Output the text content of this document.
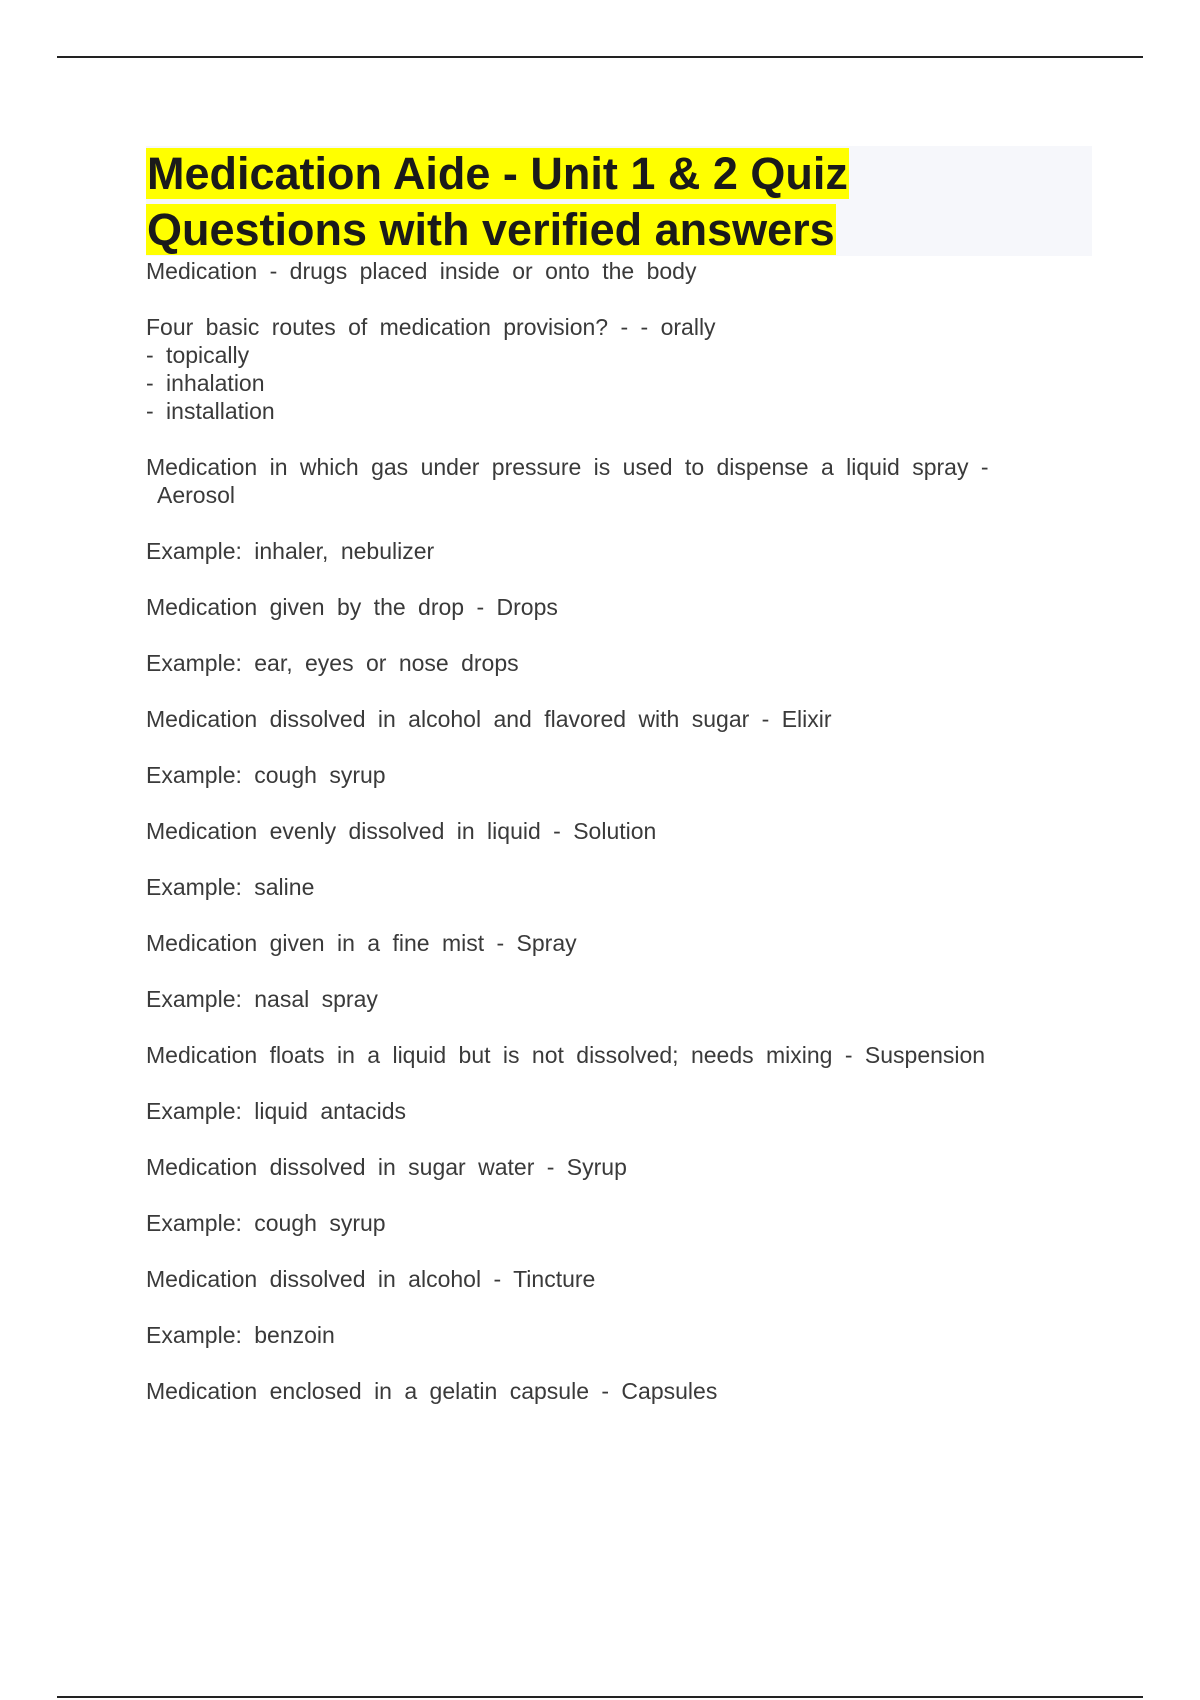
Medication Aide - Unit 1 & 2 Quiz
Questions with verified answers

Medication - drugs placed inside or onto the body

Four basic routes of medication provision? - - orally
- topically
- inhalation
- installation

Medication in which gas under pressure is used to dispense a liquid spray -
Aerosol

Example: inhaler, nebulizer

Medication given by the drop - Drops

Example: ear, eyes or nose drops

Medication dissolved in alcohol and flavored with sugar - Elixir

Example: cough syrup

Medication evenly dissolved in liquid - Solution

Example: saline

Medication given in a fine mist - Spray

Example: nasal spray

Medication floats in a liquid but is not dissolved; needs mixing - Suspension

Example: liquid antacids

Medication dissolved in sugar water - Syrup

Example: cough syrup

Medication dissolved in alcohol - Tincture

Example: benzoin

Medication enclosed in a gelatin capsule - Capsules
